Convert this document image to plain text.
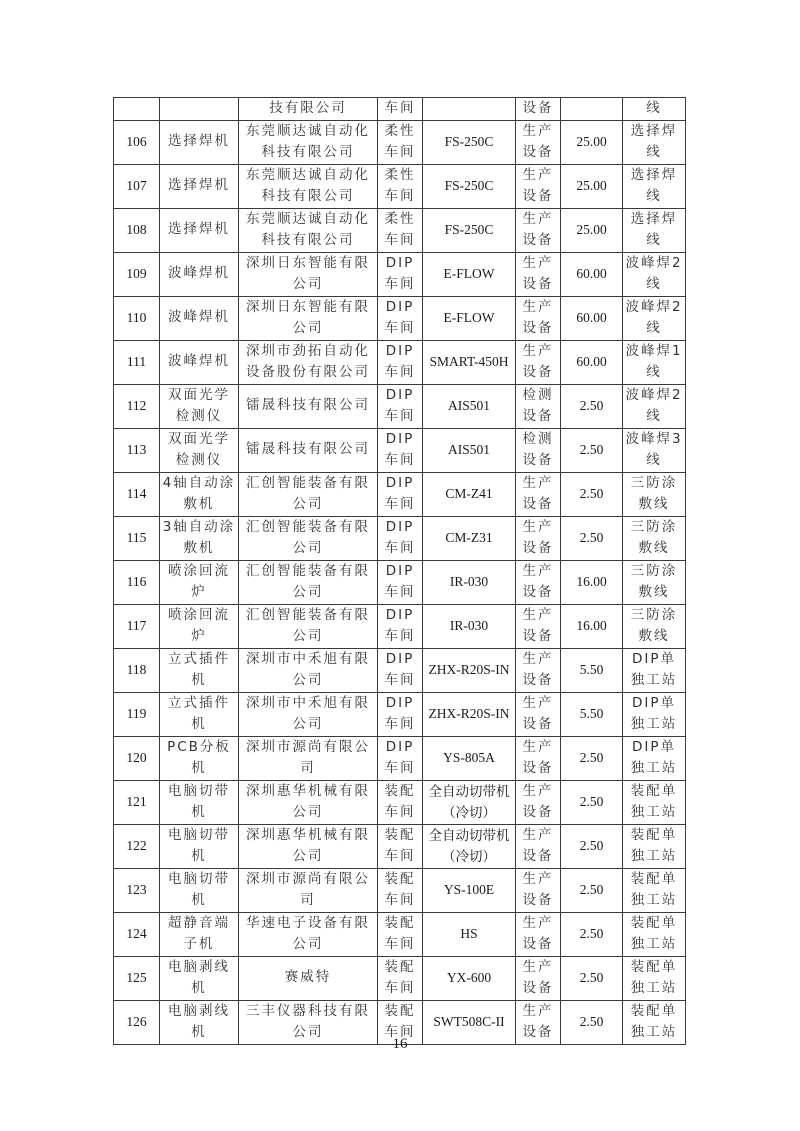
		技有限公司	车间		设备		线
106	选择焊机	东莞顺达诚自动化科技有限公司	柔性车间	FS-250C	生产设备	25.00	选择焊线
107	选择焊机	东莞顺达诚自动化科技有限公司	柔性车间	FS-250C	生产设备	25.00	选择焊线
108	选择焊机	东莞顺达诚自动化科技有限公司	柔性车间	FS-250C	生产设备	25.00	选择焊线
109	波峰焊机	深圳日东智能有限公司	DIP车间	E-FLOW	生产设备	60.00	波峰焊2线
110	波峰焊机	深圳日东智能有限公司	DIP车间	E-FLOW	生产设备	60.00	波峰焊2线
111	波峰焊机	深圳市劲拓自动化设备股份有限公司	DIP车间	SMART-450H	生产设备	60.00	波峰焊1线
112	双面光学检测仪	镭晟科技有限公司	DIP车间	AIS501	检测设备	2.50	波峰焊2线
113	双面光学检测仪	镭晟科技有限公司	DIP车间	AIS501	检测设备	2.50	波峰焊3线
114	4轴自动涂敷机	汇创智能装备有限公司	DIP车间	CM-Z41	生产设备	2.50	三防涂敷线
115	3轴自动涂敷机	汇创智能装备有限公司	DIP车间	CM-Z31	生产设备	2.50	三防涂敷线
116	喷涂回流炉	汇创智能装备有限公司	DIP车间	IR-030	生产设备	16.00	三防涂敷线
117	喷涂回流炉	汇创智能装备有限公司	DIP车间	IR-030	生产设备	16.00	三防涂敷线
118	立式插件机	深圳市中禾旭有限公司	DIP车间	ZHX-R20S-IN	生产设备	5.50	DIP单独工站
119	立式插件机	深圳市中禾旭有限公司	DIP车间	ZHX-R20S-IN	生产设备	5.50	DIP单独工站
120	PCB分板机	深圳市源尚有限公司	DIP车间	YS-805A	生产设备	2.50	DIP单独工站
121	电脑切带机	深圳惠华机械有限公司	装配车间	全自动切带机（冷切）	生产设备	2.50	装配单独工站
122	电脑切带机	深圳惠华机械有限公司	装配车间	全自动切带机（冷切）	生产设备	2.50	装配单独工站
123	电脑切带机	深圳市源尚有限公司	装配车间	YS-100E	生产设备	2.50	装配单独工站
124	超静音端子机	华速电子设备有限公司	装配车间	HS	生产设备	2.50	装配单独工站
125	电脑剥线机	赛威特	装配车间	YX-600	生产设备	2.50	装配单独工站
126	电脑剥线机	三丰仪器科技有限公司	装配车间	SWT508C-II	生产设备	2.50	装配单独工站
16
